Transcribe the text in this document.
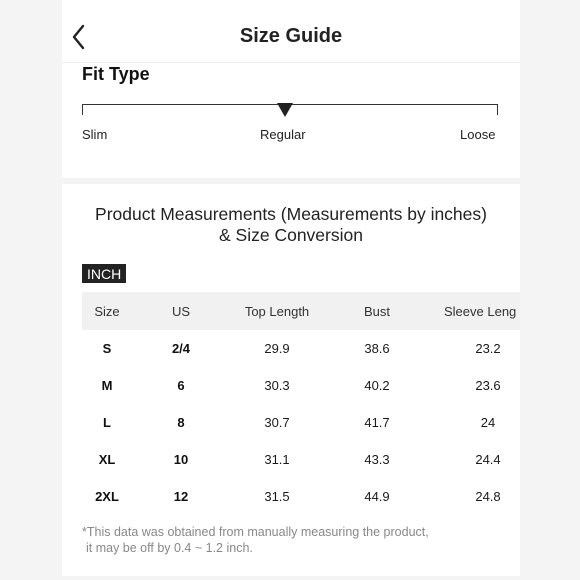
Size Guide
Fit Type
Slim	Regular	Loose
Product Measurements (Measurements by inches) & Size Conversion
INCH
Size	US	Top Length	Bust	Sleeve Leng
S	2/4	29.9	38.6	23.2
M	6	30.3	40.2	23.6
L	8	30.7	41.7	24
XL	10	31.1	43.3	24.4
2XL	12	31.5	44.9	24.8
*This data was obtained from manually measuring the product,
it may be off by 0.4 ~ 1.2 inch.
